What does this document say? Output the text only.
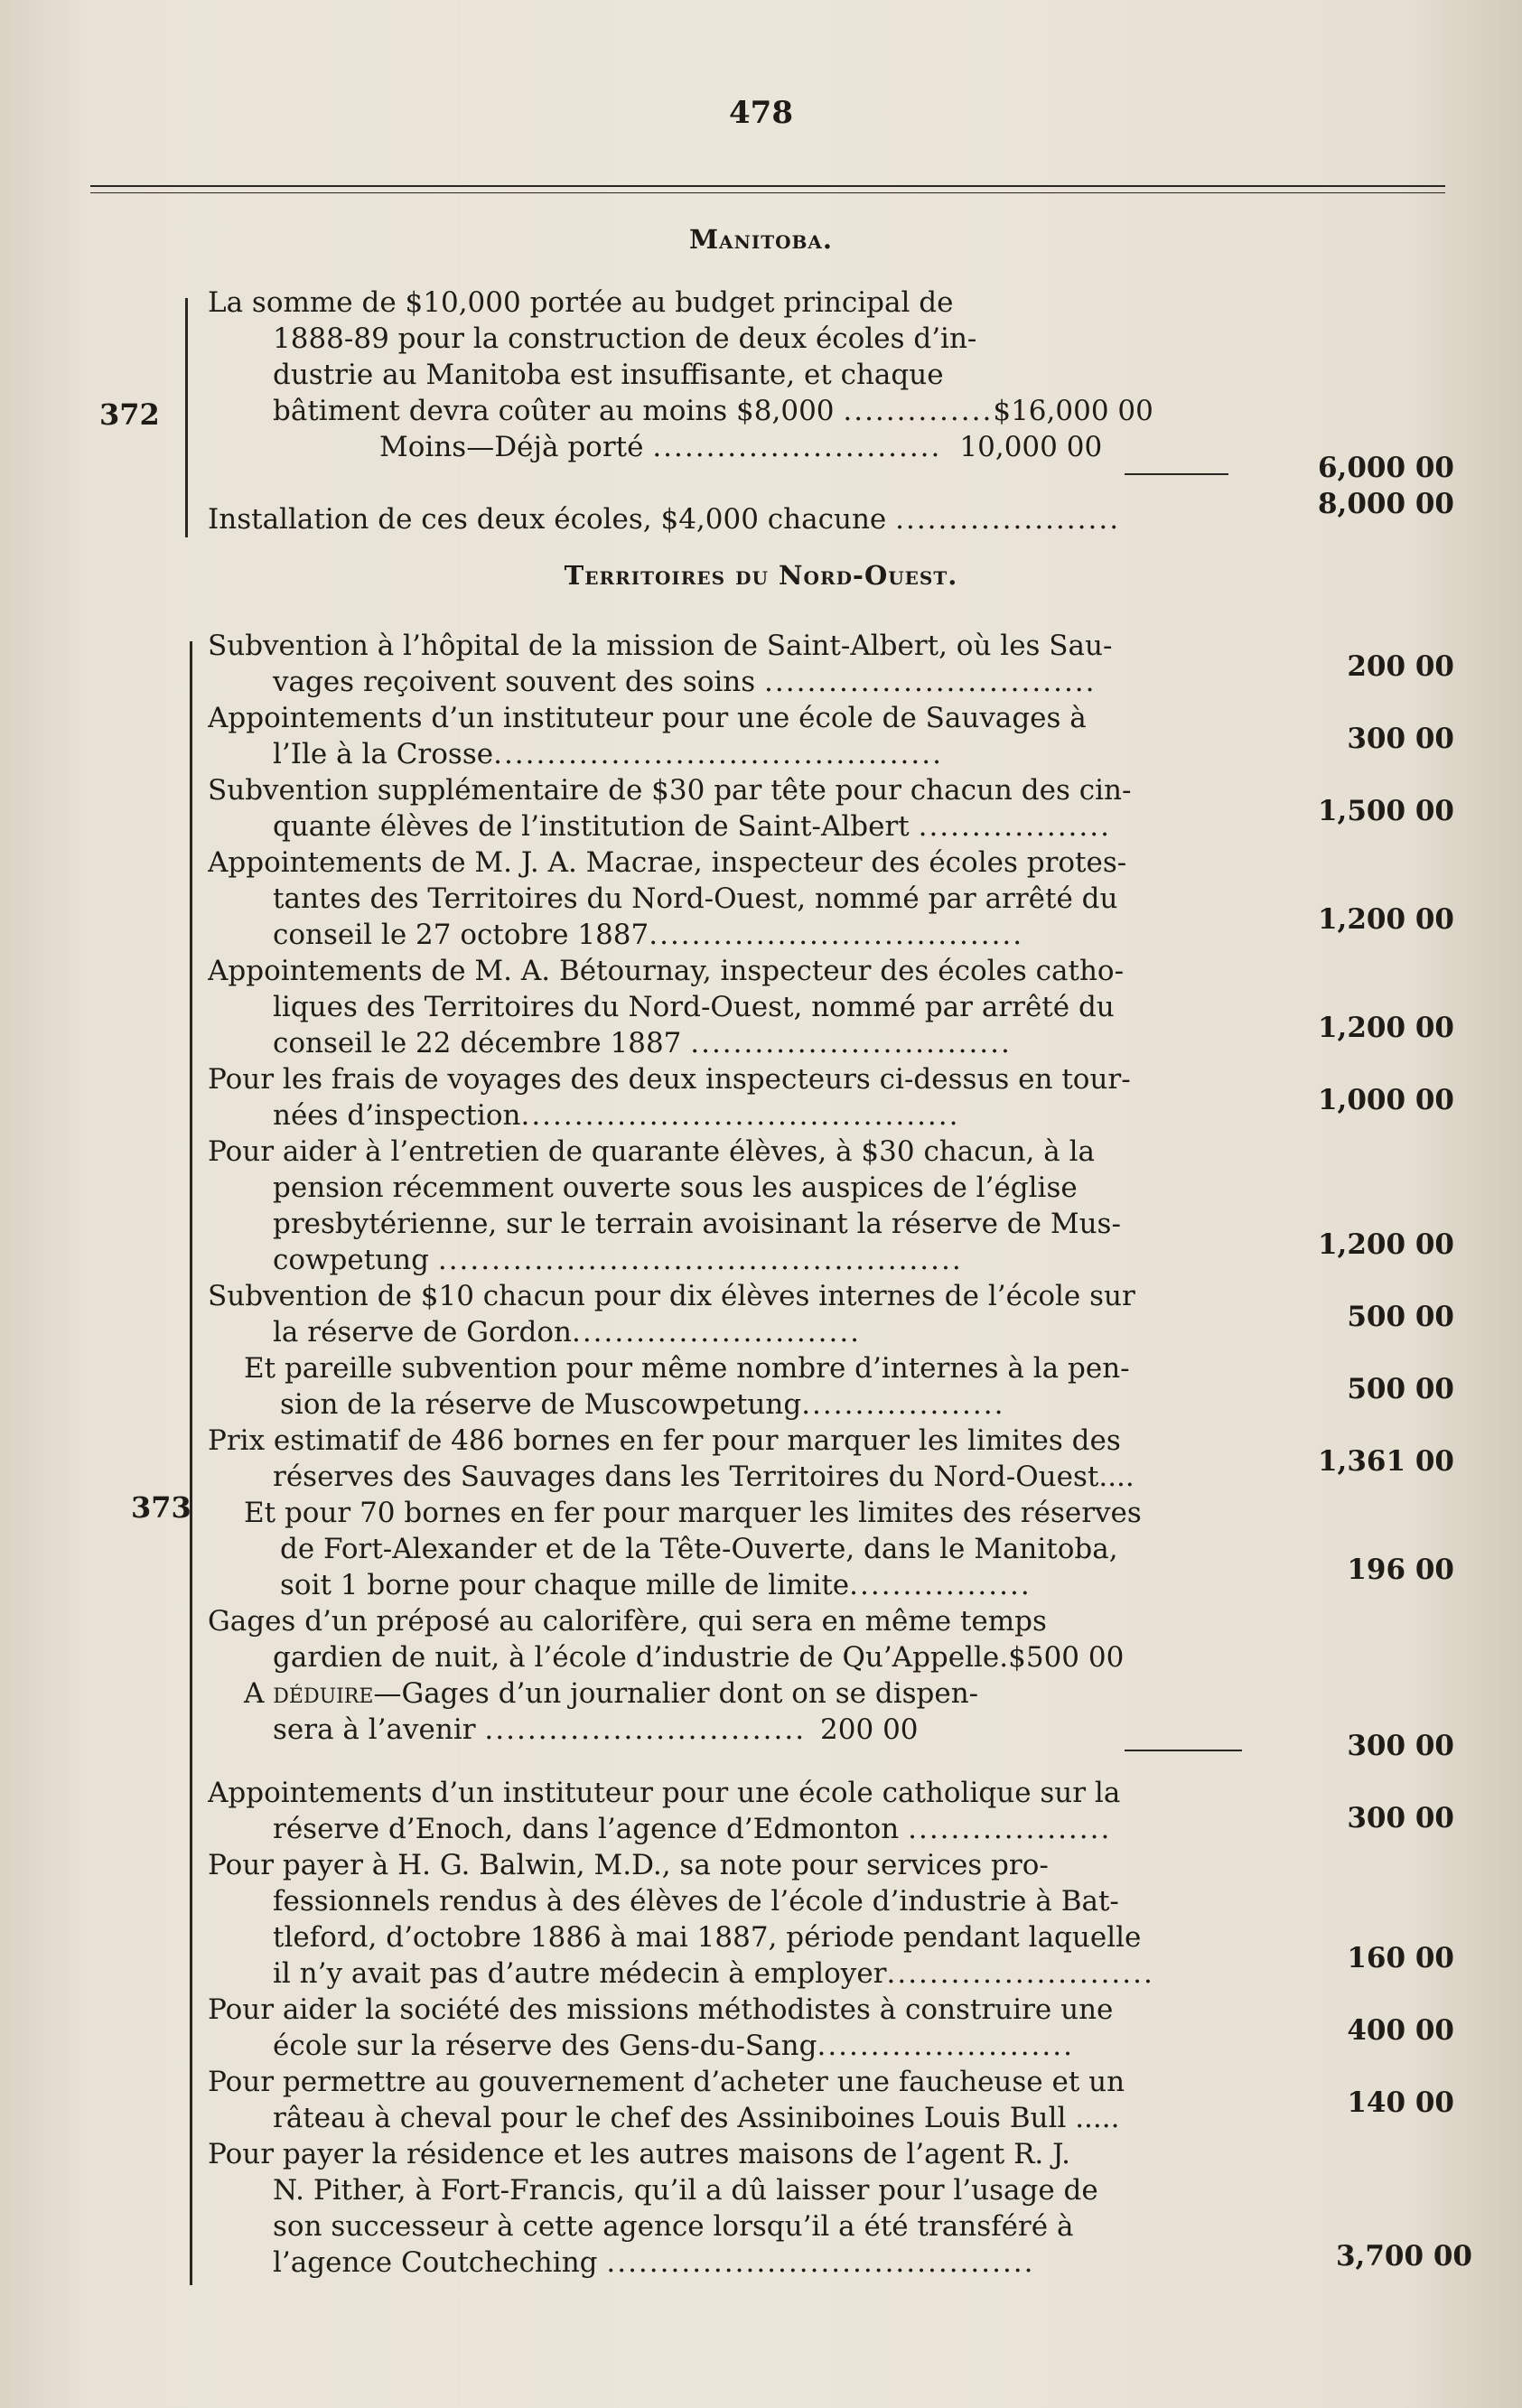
478
Manitoba.
372
La somme de $10,000 portée au budget principal de
1888-89 pour la construction de deux écoles d’in-
dustrie au Manitoba est insuffisante, et chaque
bâtiment devra coûter au moins $8,000 ..............$16,000 00
Moins—Déjà porté ........................... 10,000 00
6,000 00
Installation de ces deux écoles, $4,000 chacune .....................	8,000 00
Territoires du Nord-Ouest.
373
Subvention à l’hôpital de la mission de Saint-Albert, où les Sau-
vages reçoivent souvent des soins ...............................	200 00
Appointements d’un instituteur pour une école de Sauvages à
l’Ile à la Crosse..........................................	300 00
Subvention supplémentaire de $30 par tête pour chacun des cin-
quante élèves de l’institution de Saint-Albert ..................	1,500 00
Appointements de M. J. A. Macrae, inspecteur des écoles protes-
tantes des Territoires du Nord-Ouest, nommé par arrêté du
conseil le 27 octobre 1887...................................	1,200 00
Appointements de M. A. Bétournay, inspecteur des écoles catho-
liques des Territoires du Nord-Ouest, nommé par arrêté du
conseil le 22 décembre 1887 ..............................	1,200 00
Pour les frais de voyages des deux inspecteurs ci-dessus en tour-
nées d’inspection.........................................	1,000 00
Pour aider à l’entretien de quarante élèves, à $30 chacun, à la
pension récemment ouverte sous les auspices de l’église
presbytérienne, sur le terrain avoisinant la réserve de Mus-
cowpetung .................................................	1,200 00
Subvention de $10 chacun pour dix élèves internes de l’école sur
la réserve de Gordon...........................	500 00
Et pareille subvention pour même nombre d’internes à la pen-
sion de la réserve de Muscowpetung...................	500 00
Prix estimatif de 486 bornes en fer pour marquer les limites des
réserves des Sauvages dans les Territoires du Nord-Ouest....	1,361 00
Et pour 70 bornes en fer pour marquer les limites des réserves
de Fort-Alexander et de la Tête-Ouverte, dans le Manitoba,
soit 1 borne pour chaque mille de limite.................	196 00
Gages d’un préposé au calorifère, qui sera en même temps
gardien de nuit, à l’école d’industrie de Qu’Appelle.$500 00
A déduire—Gages d’un journalier dont on se dispen-
sera à l’avenir .............................. 200 00	300 00
Appointements d’un instituteur pour une école catholique sur la
réserve d’Enoch, dans l’agence d’Edmonton ...................	300 00
Pour payer à H. G. Balwin, M.D., sa note pour services pro-
fessionnels rendus à des élèves de l’école d’industrie à Bat-
tleford, d’octobre 1886 à mai 1887, période pendant laquelle
il n’y avait pas d’autre médecin à employer.........................	160 00
Pour aider la société des missions méthodistes à construire une
école sur la réserve des Gens-du-Sang........................	400 00
Pour permettre au gouvernement d’acheter une faucheuse et un
râteau à cheval pour le chef des Assiniboines Louis Bull .....	140 00
Pour payer la résidence et les autres maisons de l’agent R. J.
N. Pither, à Fort-Francis, qu’il a dû laisser pour l’usage de
son successeur à cette agence lorsqu’il a été transféré à
l’agence Coutcheching ........................................	3,700 00
